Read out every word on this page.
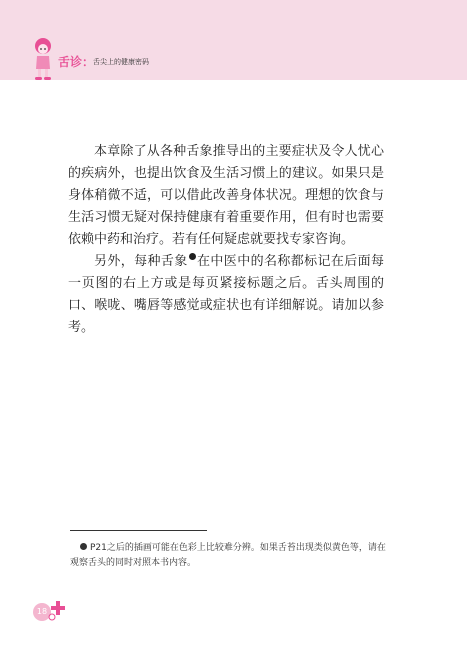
舌诊：
舌尖上的健康密码

本章除了从各种舌象推导出的主要症状及令人忧心的疾病外，也提出饮食及生活习惯上的建议。如果只是身体稍微不适，可以借此改善身体状况。理想的饮食与生活习惯无疑对保持健康有着重要作用，但有时也需要依赖中药和治疗。若有任何疑虑就要找专家咨询。

另外，每种舌象 在中医中的名称都标记在后面每一页图的右上方或是每页紧接标题之后。舌头周围的口、喉咙、嘴唇等感觉或症状也有详细解说。请加以参考。

P21之后的插画可能在色彩上比较难分辨。如果舌苔出现类似黄色等，请在观察舌头的同时对照本书内容。
18
